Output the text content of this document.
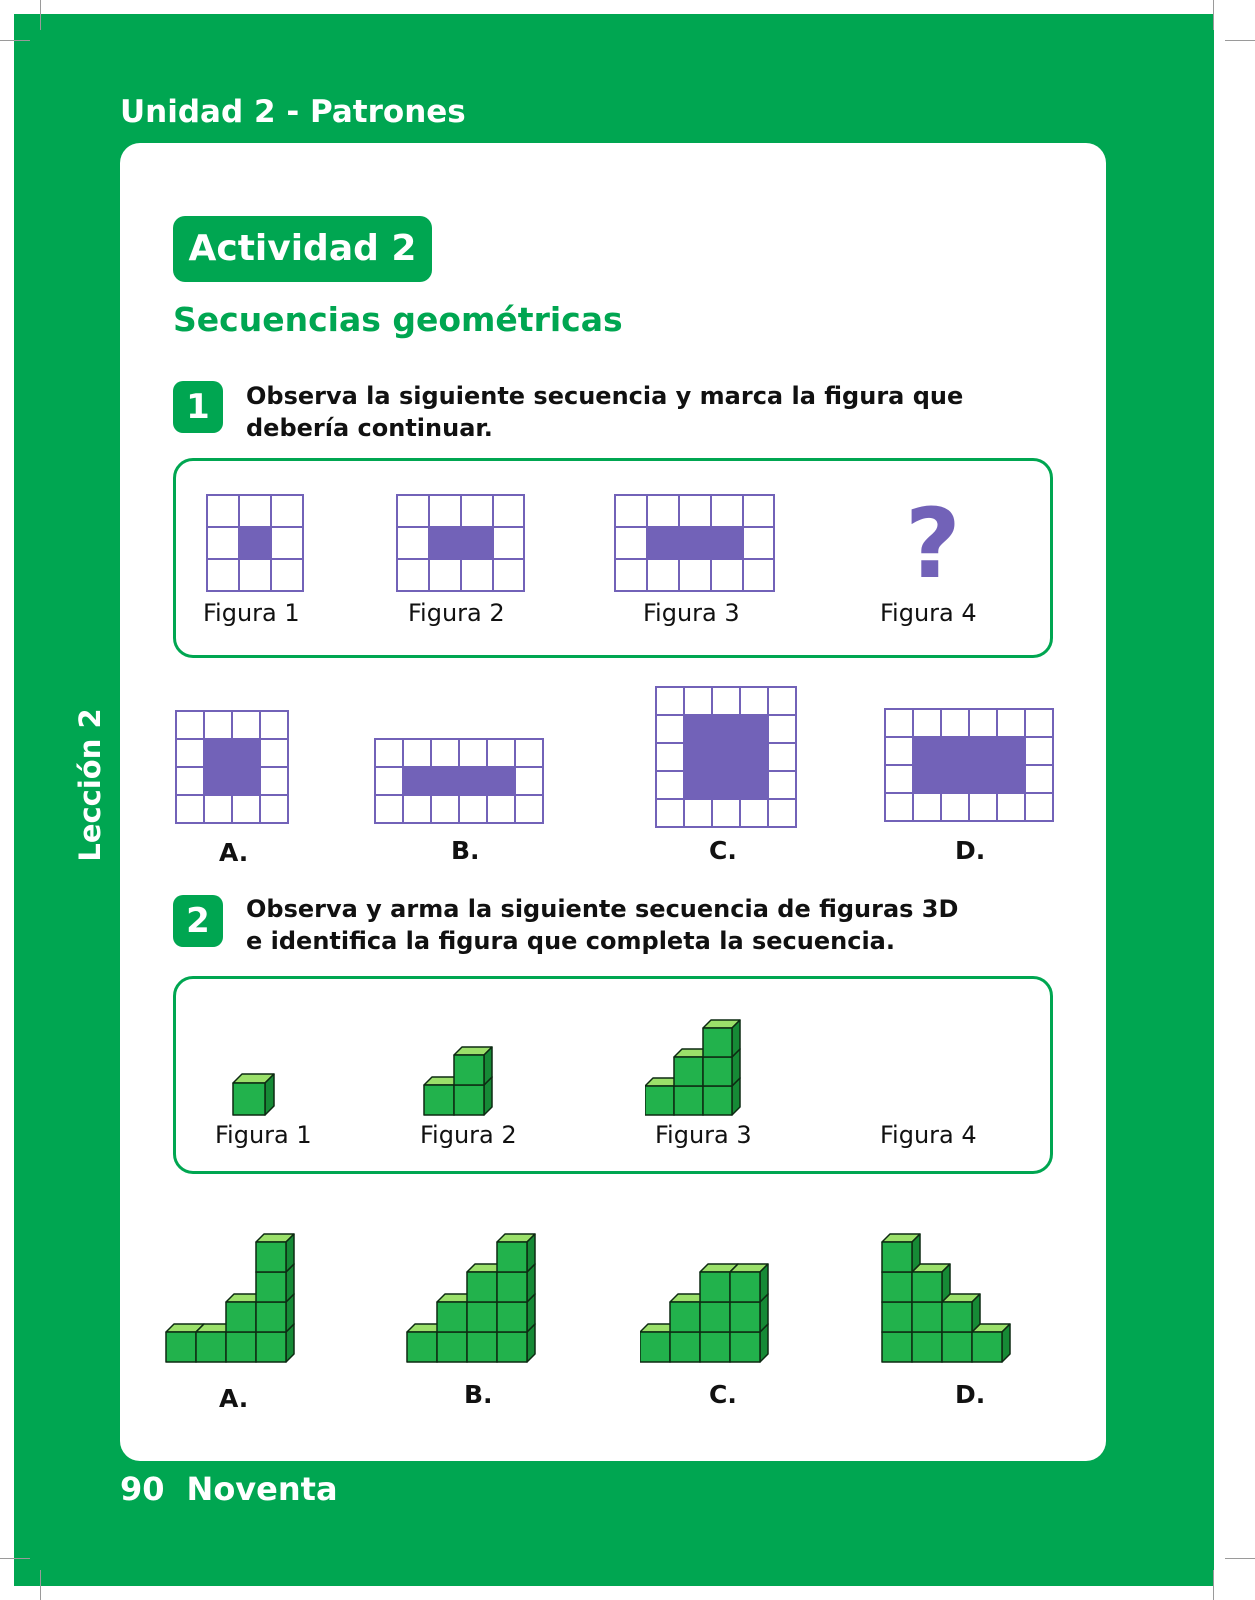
Unidad 2 - Patrones
Lección 2
90 Noventa
Actividad 2
Secuencias geométricas
1	Observa la siguiente secuencia y marca la figura que
debería continuar.
?
Figura 1	Figura 2	Figura 3	Figura 4
A.	B.	C.	D.
2	Observa y arma la siguiente secuencia de figuras 3D
e identifica la figura que completa la secuencia.
Figura 1	Figura 2	Figura 3	Figura 4
A.	B.	C.	D.
